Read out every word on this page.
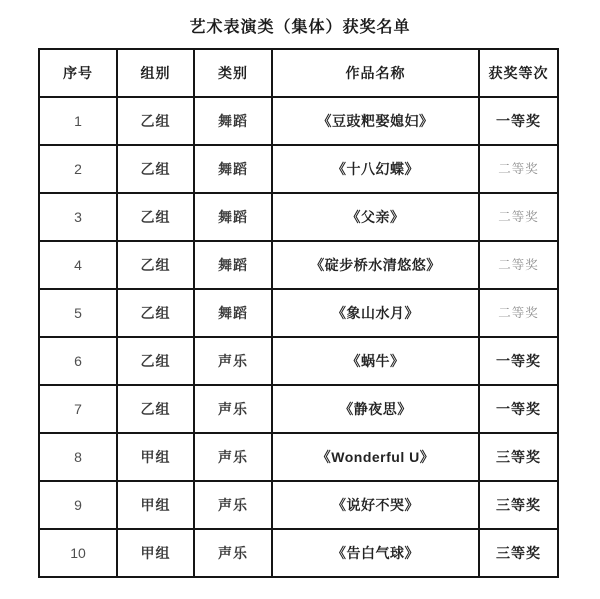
艺术表演类（集体）获奖名单
序号	组别	类别	作品名称	获奖等次
1	乙组	舞蹈	《豆豉粑娶媳妇》	一等奖
2	乙组	舞蹈	《十八幻蝶》	二等奖
3	乙组	舞蹈	《父亲》	二等奖
4	乙组	舞蹈	《碇步桥水清悠悠》	二等奖
5	乙组	舞蹈	《象山水月》	二等奖
6	乙组	声乐	《蜗牛》	一等奖
7	乙组	声乐	《静夜思》	一等奖
8	甲组	声乐	《Wonderful U》	三等奖
9	甲组	声乐	《说好不哭》	三等奖
10	甲组	声乐	《告白气球》	三等奖
